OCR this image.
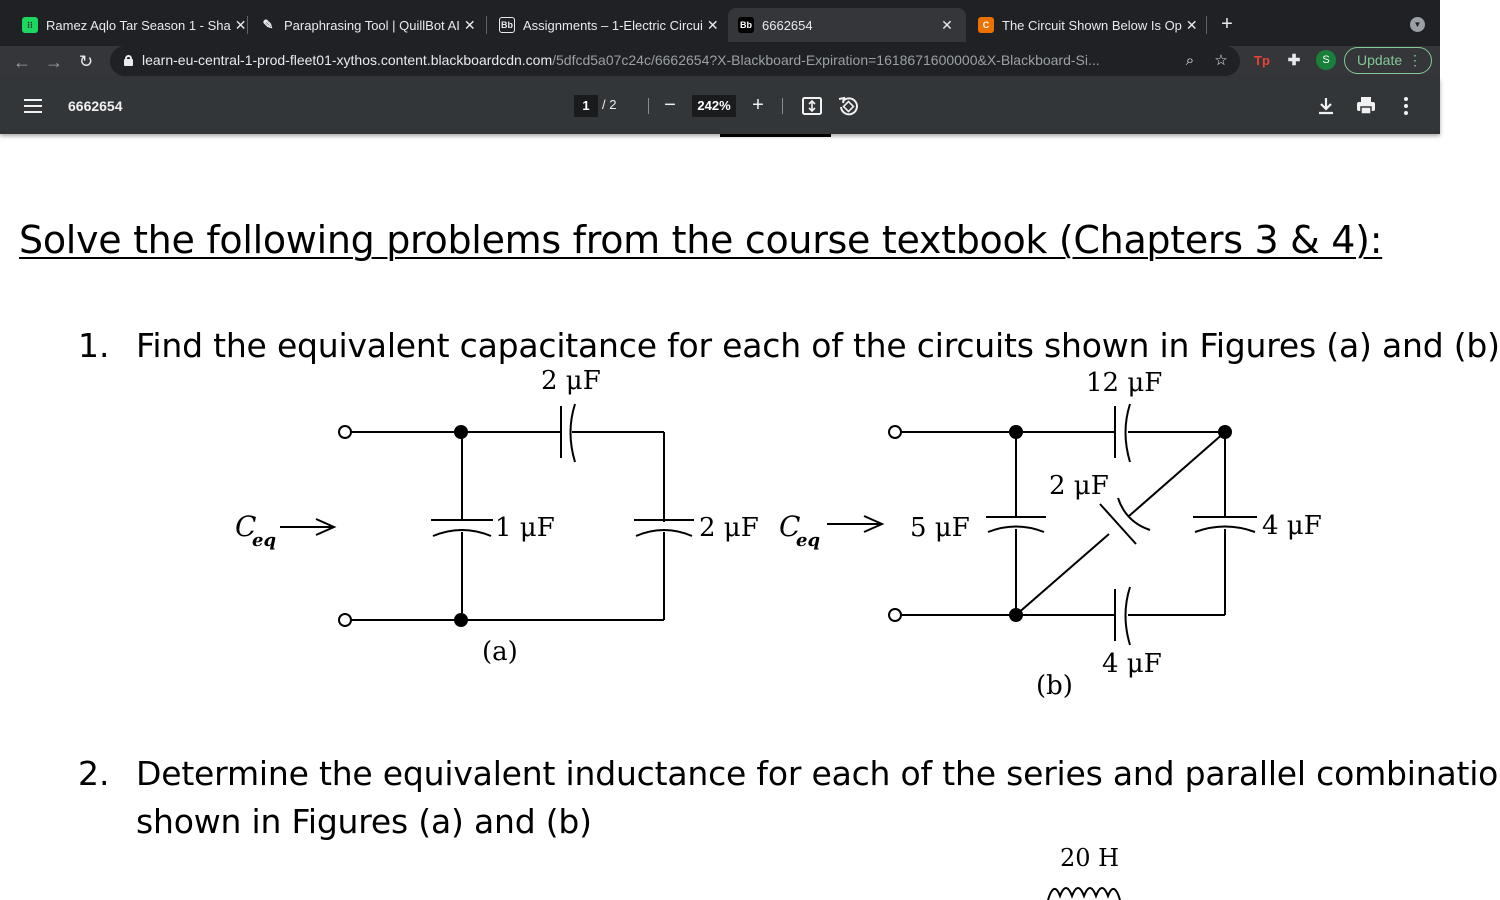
⁝⁝	Ramez Aqlo Tar Season 1 - Sha ✕ ✎ Paraphrasing Tool | QuillBot AI ✕	Bb Assignments – 1-Electric Circui ✕ Bb 6662654	✕	C The Circuit Shown Below Is Op ✕ +	▼
← → ↻	learn-eu-central-1-prod-fleet01-xythos.content.blackboardcdn.com/5dfcd5a07c24c/6662654?X-Blackboard-Expiration=1618671600000&X-Blackboard-Si...	⌕	☆ Tp ✚	S	Update ⋮
6662654	1 / 2 −	242% +
Solve the following problems from the course textbook (Chapters 3 & 4):
1. Find the equivalent capacitance for each of the circuits shown in Figures (a) and (b)
2 μF
1 μF	2 μF
C
eq
(a)
12 μF
5 μF
2 μF
4 μF
4 μF
C
eq
(b)
2. Determine the equivalent inductance for each of the series and parallel combinatio
shown in Figures (a) and (b)
20 H
